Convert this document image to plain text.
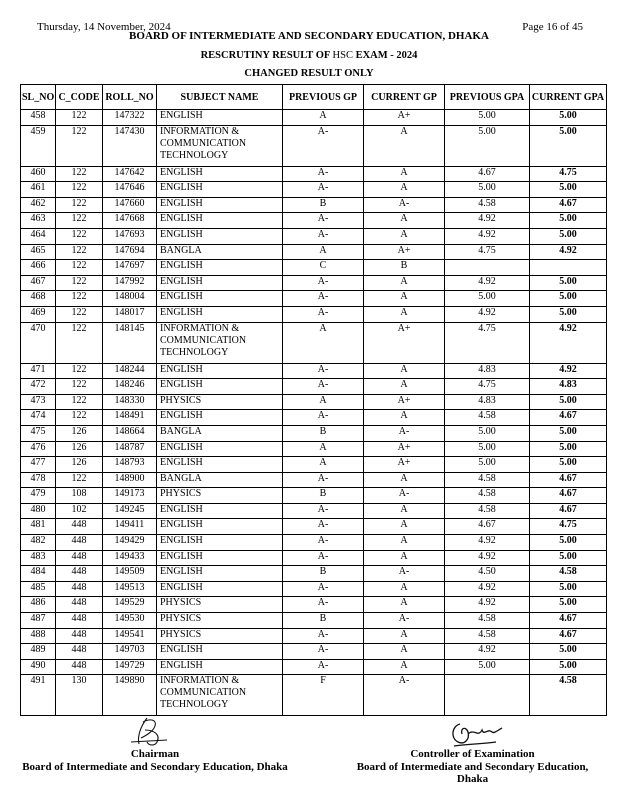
Thursday, 14 November, 2024	Page 16 of 45
BOARD OF INTERMEDIATE AND SECONDARY EDUCATION, DHAKA
RESCRUTINY RESULT OF HSC EXAM - 2024
CHANGED RESULT ONLY
SL_NO	C_CODE	ROLL_NO	SUBJECT NAME	PREVIOUS GP	CURRENT GP	PREVIOUS GPA	CURRENT GPA
458	122	147322	ENGLISH	A	A+	5.00	5.00
459	122	147430	INFORMATION & COMMUNICATION TECHNOLOGY	A-	A	5.00	5.00
460	122	147642	ENGLISH	A-	A	4.67	4.75
461	122	147646	ENGLISH	A-	A	5.00	5.00
462	122	147660	ENGLISH	B	A-	4.58	4.67
463	122	147668	ENGLISH	A-	A	4.92	5.00
464	122	147693	ENGLISH	A-	A	4.92	5.00
465	122	147694	BANGLA	A	A+	4.75	4.92
466	122	147697	ENGLISH	C	B		
467	122	147992	ENGLISH	A-	A	4.92	5.00
468	122	148004	ENGLISH	A-	A	5.00	5.00
469	122	148017	ENGLISH	A-	A	4.92	5.00
470	122	148145	INFORMATION & COMMUNICATION TECHNOLOGY	A	A+	4.75	4.92
471	122	148244	ENGLISH	A-	A	4.83	4.92
472	122	148246	ENGLISH	A-	A	4.75	4.83
473	122	148330	PHYSICS	A	A+	4.83	5.00
474	122	148491	ENGLISH	A-	A	4.58	4.67
475	126	148664	BANGLA	B	A-	5.00	5.00
476	126	148787	ENGLISH	A	A+	5.00	5.00
477	126	148793	ENGLISH	A	A+	5.00	5.00
478	122	148900	BANGLA	A-	A	4.58	4.67
479	108	149173	PHYSICS	B	A-	4.58	4.67
480	102	149245	ENGLISH	A-	A	4.58	4.67
481	448	149411	ENGLISH	A-	A	4.67	4.75
482	448	149429	ENGLISH	A-	A	4.92	5.00
483	448	149433	ENGLISH	A-	A	4.92	5.00
484	448	149509	ENGLISH	B	A-	4.50	4.58
485	448	149513	ENGLISH	A-	A	4.92	5.00
486	448	149529	PHYSICS	A-	A	4.92	5.00
487	448	149530	PHYSICS	B	A-	4.58	4.67
488	448	149541	PHYSICS	A-	A	4.58	4.67
489	448	149703	ENGLISH	A-	A	4.92	5.00
490	448	149729	ENGLISH	A-	A	5.00	5.00
491	130	149890	INFORMATION & COMMUNICATION TECHNOLOGY	F	A-		4.58
Chairman
Board of Intermediate and Secondary Education, Dhaka
Controller of Examination
Board of Intermediate and Secondary Education, Dhaka
